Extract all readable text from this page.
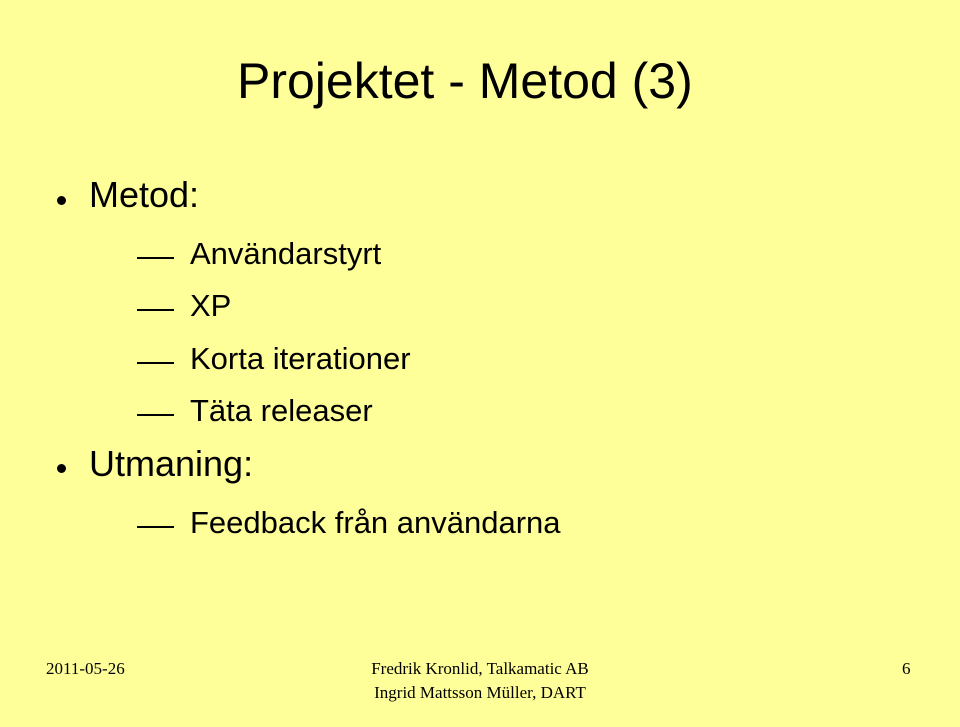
Projektet - Metod (3)
Metod:
Användarstyrt
XP
Korta iterationer
Täta releaser
Utmaning:
Feedback från användarna
2011-05-26	Fredrik Kronlid, Talkamatic AB
Ingrid Mattsson Müller, DART
6
